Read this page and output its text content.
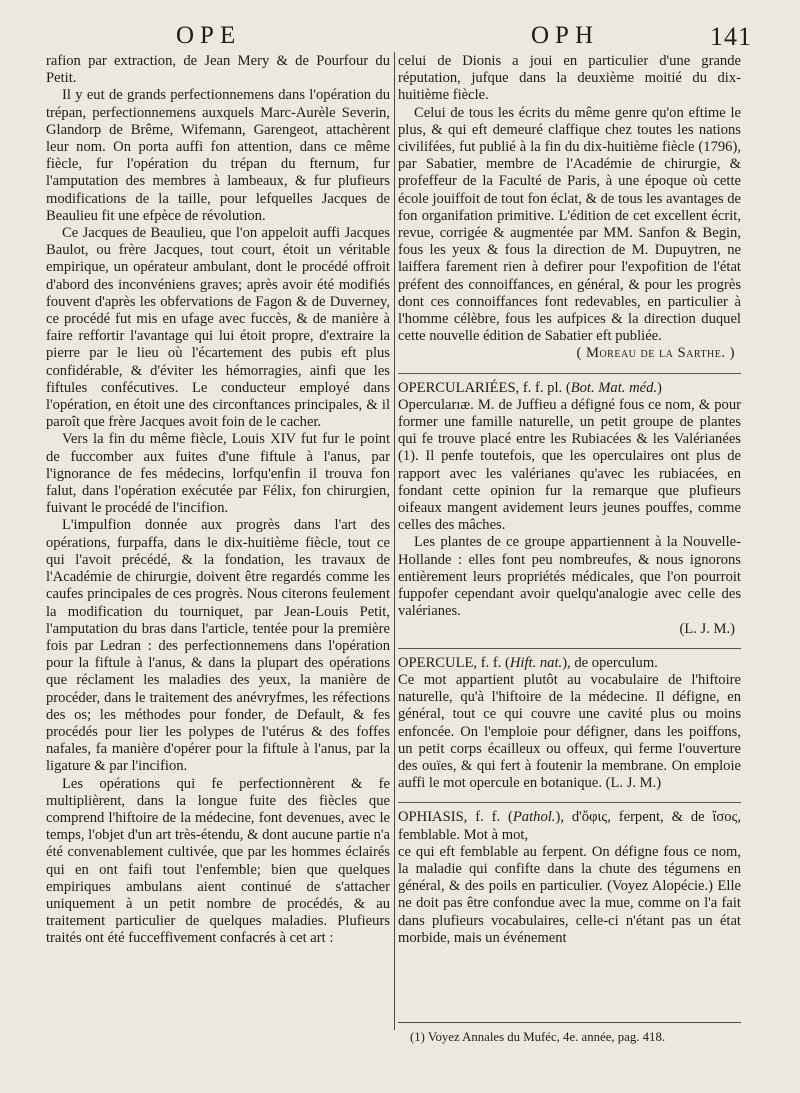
OPE	OPH	141

rafion par extraction, de Jean Mery & de Pourfour du Petit.

Il y eut de grands perfectionnemens dans l'opération du trépan, perfectionnemens auxquels Marc-Aurèle Severin, Glandorp de Brême, Wifemann, Garengeot, attachèrent leur nom. On porta auffi fon attention, dans ce même fiècle, fur l'opération du trépan du fternum, fur l'amputation des membres à lambeaux, & fur plufieurs modifications de la taille, pour lefquelles Jacques de Beaulieu fit une efpèce de révolution.

Ce Jacques de Beaulieu, que l'on appeloit auffi Jacques Baulot, ou frère Jacques, tout court, étoit un véritable empirique, un opérateur ambulant, dont le procédé offroit d'abord des inconvéniens graves; après avoir été modifiés fouvent d'après les obfervations de Fagon & de Duverney, ce procédé fut mis en ufage avec fuccès, & de manière à faire reffortir l'avantage qui lui étoit propre, d'extraire la pierre par le lieu où l'écartement des pubis eft plus confidérable, & d'éviter les hémorragies, ainfi que les fiftules confécutives. Le conducteur employé dans l'opération, en étoit une des circonftances principales, & il paroît que frère Jacques avoit foin de le cacher.

Vers la fin du même fiècle, Louis XIV fut fur le point de fuccomber aux fuites d'une fiftule à l'anus, par l'ignorance de fes médecins, lorfqu'enfin il trouva fon falut, dans l'opération exécutée par Félix, fon chirurgien, fuivant le procédé de l'incifion.

L'impulfion donnée aux progrès dans l'art des opérations, furpaffa, dans le dix-huitième fiècle, tout ce qui l'avoit précédé, & la fondation, les travaux de l'Académie de chirurgie, doivent être regardés comme les caufes principales de ces progrès. Nous citerons feulement la modification du tourniquet, par Jean-Louis Petit, l'amputation du bras dans l'article, tentée pour la première fois par Ledran : des perfectionnemens dans l'opération pour la fiftule à l'anus, & dans la plupart des opérations que réclament les maladies des yeux, la manière de procéder, dans le traitement des anévryfmes, les réfections des os; les méthodes pour fonder, de Default, & fes procédés pour lier les polypes de l'utérus & des foffes nafales, fa manière d'opérer pour la fiftule à l'anus, par la ligature & par l'incifion.

Les opérations qui fe perfectionnèrent & fe multiplièrent, dans la longue fuite des fiècles que comprend l'hiftoire de la médecine, font devenues, avec le temps, l'objet d'un art très-étendu, & dont aucune partie n'a été convenablement cultivée, que par les hommes éclairés qui en ont faifi tout l'enfemble; bien que quelques empiriques ambulans aient continué de s'attacher uniquement à un petit nombre de procédés, & au traitement particulier de quelques maladies. Plufieurs traités ont été fucceffivement confacrés à cet art :

celui de Dionis a joui en particulier d'une grande réputation, jufque dans la deuxième moitié du dix-huitième fiècle.

Celui de tous les écrits du même genre qu'on eftime le plus, & qui eft demeuré claffique chez toutes les nations civilifées, fut publié à la fin du dix-huitième fiècle (1796), par Sabatier, membre de l'Académie de chirurgie, & profeffeur de la Faculté de Paris, à une époque où cette école jouiffoit de tout fon éclat, & de tous les avantages de fon organifation primitive. L'édition de cet excellent écrit, revue, corrigée & augmentée par MM. Sanfon & Begin, fous les yeux & fous la direction de M. Dupuytren, ne laiffera farement rien à defirer pour l'expofition de l'état préfent des connoiffances, en général, & pour les progrès dont ces connoiffances font redevables, en particulier à l'homme célèbre, fous les aufpices & la direction duquel cette nouvelle édition de Sabatier eft publiée.

( Moreau de la Sarthe. )

OPERCULARIÉES, f. f. pl. (Bot. Mat. méd.)

Opercularıæ. M. de Juffieu a défigné fous ce nom, & pour former une famille naturelle, un petit groupe de plantes qui fe trouve placé entre les Rubiacées & les Valérianées (1). Il penfe toutefois, que les operculaires ont plus de rapport avec les valérianes qu'avec les rubiacées, en fondant cette opinion fur la remarque que plufieurs oifeaux mangent avidement leurs jeunes pouffes, comme celles des mâches.

Les plantes de ce groupe appartiennent à la Nouvelle-Hollande : elles font peu nombreufes, & nous ignorons entièrement leurs propriétés médicales, que l'on pourroit fuppofer cependant avoir quelqu'analogie avec celle des valérianes.

(L. J. M.)

OPERCULE, f. f. (Hift. nat.), de operculum.

Ce mot appartient plutôt au vocabulaire de l'hiftoire naturelle, qu'à l'hiftoire de la médecine. Il défigne, en général, tout ce qui couvre une cavité plus ou moins enfoncée. On l'emploie pour défigner, dans les poiffons, un petit corps écailleux ou offeux, qui ferme l'ouverture des ouïes, & qui fert à foutenir la membrane. On emploie auffi le mot opercule en botanique. (L. J. M.)

OPHIASIS, f. f. (Pathol.), d'ὄφις, ferpent, & de ἴσος, femblable. Mot à mot,

ce qui eft femblable au ferpent. On défigne fous ce nom, la maladie qui confifte dans la chute des tégumens en général, & des poils en particulier. (Voyez Alopécie.) Elle ne doit pas être confondue avec la mue, comme on l'a fait dans plufieurs vocabulaires, celle-ci n'étant pas un état morbide, mais un événement

(1) Voyez Annales du Muféc, 4e. année, pag. 418.
